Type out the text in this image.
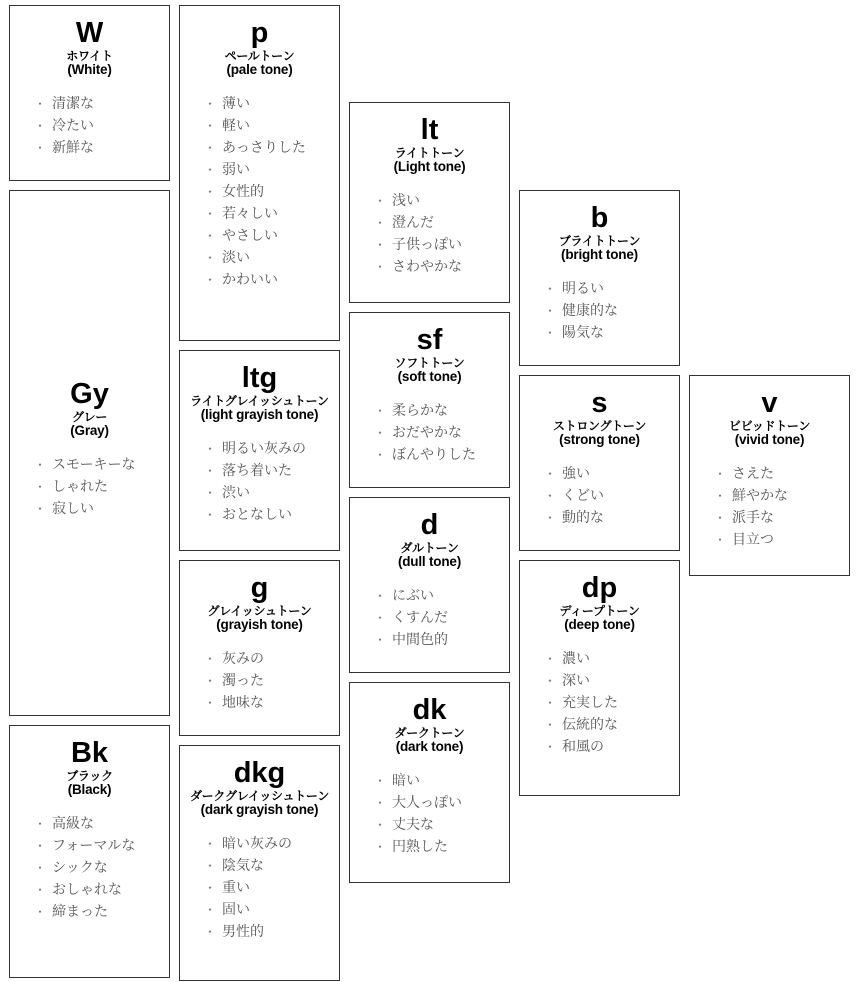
W
ホワイト
(White)
・ 清潔な
・ 冷たい
・ 新鮮な
Gy
グレー
(Gray)
・ スモーキーな
・ しゃれた
・ 寂しい
Bk
ブラック
(Black)
・ 高級な
・ フォーマルな
・ シックな
・ おしゃれな
・ 締まった
p
ペールトーン
(pale tone)
・ 薄い
・ 軽い
・ あっさりした
・ 弱い
・ 女性的
・ 若々しい
・ やさしい
・ 淡い
・ かわいい
ltg
ライトグレイッシュトーン
(light grayish tone)
・ 明るい灰みの
・ 落ち着いた
・ 渋い
・ おとなしい
g
グレイッシュトーン
(grayish tone)
・ 灰みの
・ 濁った
・ 地味な
dkg
ダークグレイッシュトーン
(dark grayish tone)
・ 暗い灰みの
・ 陰気な
・ 重い
・ 固い
・ 男性的
lt
ライトトーン
(Light tone)
・ 浅い
・ 澄んだ
・ 子供っぽい
・ さわやかな
sf
ソフトトーン
(soft tone)
・ 柔らかな
・ おだやかな
・ ぼんやりした
d
ダルトーン
(dull tone)
・ にぶい
・ くすんだ
・ 中間色的
dk
ダークトーン
(dark tone)
・ 暗い
・ 大人っぽい
・ 丈夫な
・ 円熟した
b
ブライトトーン
(bright tone)
・ 明るい
・ 健康的な
・ 陽気な
s
ストロングトーン
(strong tone)
・ 強い
・ くどい
・ 動的な
dp
ディープトーン
(deep tone)
・ 濃い
・ 深い
・ 充実した
・ 伝統的な
・ 和風の
v
ビビッドトーン
(vivid tone)
・ さえた
・ 鮮やかな
・ 派手な
・ 目立つ
